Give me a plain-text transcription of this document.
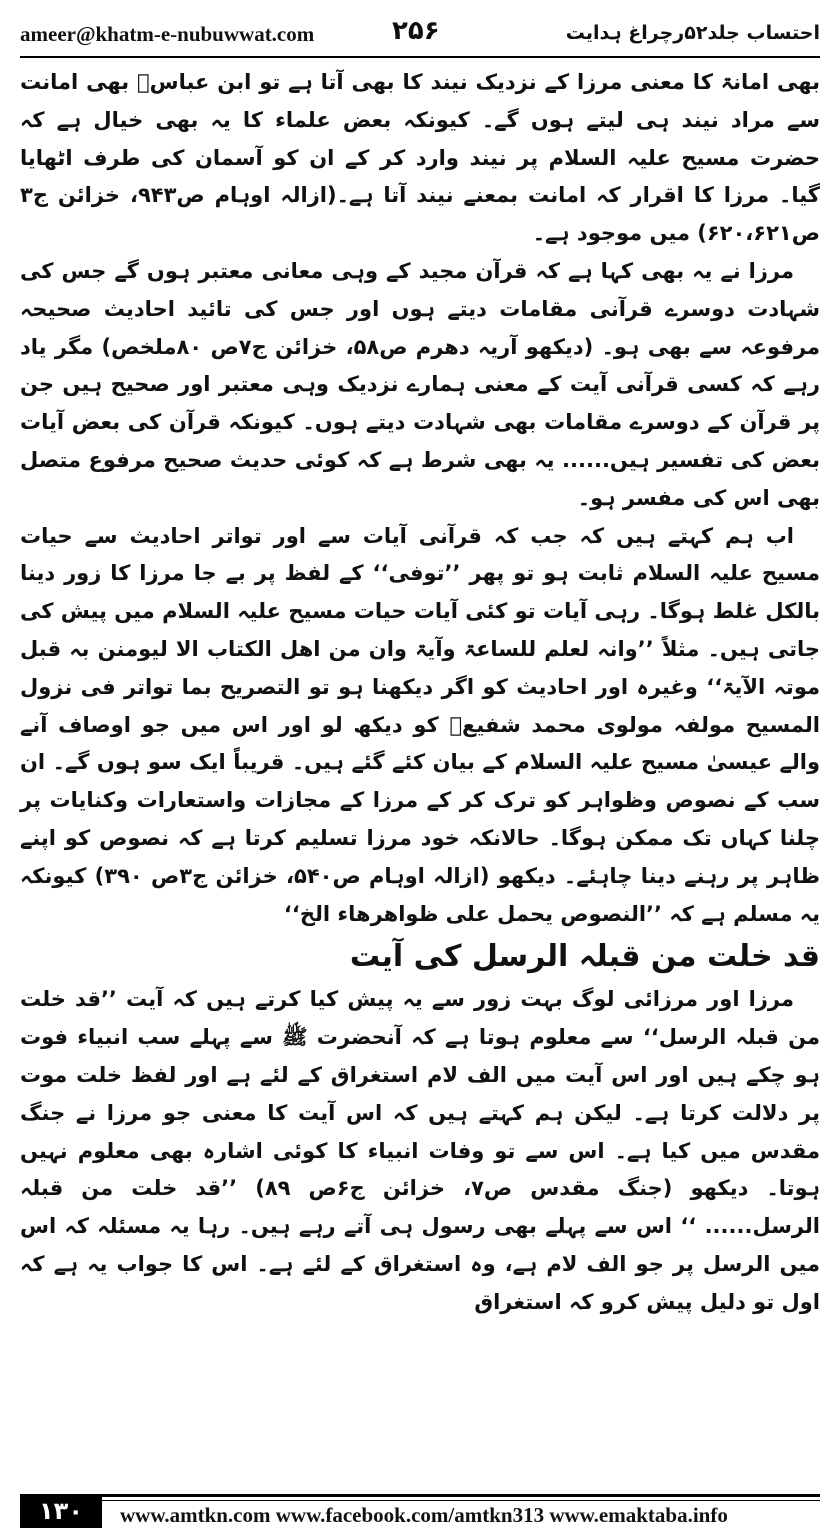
ameer@khatm-e-nubuwwat.com	۲۵۶	احتساب جلد۵۲رچراغ ہدایت

بھی امانۃ کا معنی مرزا کے نزدیک نیند کا بھی آتا ہے تو ابن عباسؓ بھی امانت سے مراد نیند ہی لیتے ہوں گے۔ کیونکہ بعض علماء کا یہ بھی خیال ہے کہ حضرت مسیح علیہ السلام پر نیند وارد کر کے ان کو آسمان کی طرف اٹھایا گیا۔ مرزا کا اقرار کہ امانت بمعنے نیند آتا ہے۔(ازالہ اوہام ص۹۴۳، خزائن ج۳ ص۶۲۰،۶۲۱) میں موجود ہے۔

مرزا نے یہ بھی کہا ہے کہ قرآن مجید کے وہی معانی معتبر ہوں گے جس کی شہادت دوسرے قرآنی مقامات دیتے ہوں اور جس کی تائید احادیث صحیحہ مرفوعہ سے بھی ہو۔ (دیکھو آریہ دھرم ص۵۸، خزائن ج۷ص ۸۰ملخص) مگر یاد رہے کہ کسی قرآنی آیت کے معنی ہمارے نزدیک وہی معتبر اور صحیح ہیں جن پر قرآن کے دوسرے مقامات بھی شہادت دیتے ہوں۔ کیونکہ قرآن کی بعض آیات بعض کی تفسیر ہیں...... یہ بھی شرط ہے کہ کوئی حدیث صحیح مرفوع متصل بھی اس کی مفسر ہو۔

اب ہم کہتے ہیں کہ جب کہ قرآنی آیات سے اور تواتر احادیث سے حیات مسیح علیہ السلام ثابت ہو تو پھر ’’توفی‘‘ کے لفظ پر بے جا مرزا کا زور دینا بالکل غلط ہوگا۔ رہی آیات تو کئی آیات حیات مسیح علیہ السلام میں پیش کی جاتی ہیں۔ مثلاً ’’وانہ لعلم للساعۃ وآیۃ وان من اھل الکتاب الا لیومنن بہ قبل موتہ الآیۃ‘‘ وغیرہ اور احادیث کو اگر دیکھنا ہو تو التصریح بما تواتر فی نزول المسیح مولفہ مولوی محمد شفیعؒ کو دیکھ لو اور اس میں جو اوصاف آنے والے عیسیٰ مسیح علیہ السلام کے بیان کئے گئے ہیں۔ قریباً ایک سو ہوں گے۔ ان سب کے نصوص وظواہر کو ترک کر کے مرزا کے مجازات واستعارات وکنایات پر چلنا کہاں تک ممکن ہوگا۔ حالانکہ خود مرزا تسلیم کرتا ہے کہ نصوص کو اپنے ظاہر پر رہنے دینا چاہئے۔ دیکھو (ازالہ اوہام ص۵۴۰، خزائن ج۳ص ۳۹۰) کیونکہ یہ مسلم ہے کہ ’’النصوص یحمل علی ظواھرھاء الخ‘‘

قد خلت من قبلہ الرسل کی آیت

مرزا اور مرزائی لوگ بہت زور سے یہ پیش کیا کرتے ہیں کہ آیت ’’قد خلت من قبلہ الرسل‘‘ سے معلوم ہوتا ہے کہ آنحضرت ﷺ سے پہلے سب انبیاء فوت ہو چکے ہیں اور اس آیت میں الف لام استغراق کے لئے ہے اور لفظ خلت موت پر دلالت کرتا ہے۔ لیکن ہم کہتے ہیں کہ اس آیت کا معنی جو مرزا نے جنگ مقدس میں کیا ہے۔ اس سے تو وفات انبیاء کا کوئی اشارہ بھی معلوم نہیں ہوتا۔ دیکھو (جنگ مقدس ص۷، خزائن ج۶ص ۸۹) ’’قد خلت من قبلہ الرسل...... ‘‘ اس سے پہلے بھی رسول ہی آتے رہے ہیں۔ رہا یہ مسئلہ کہ اس میں الرسل پر جو الف لام ہے، وہ استغراق کے لئے ہے۔ اس کا جواب یہ ہے کہ اول تو دلیل پیش کرو کہ استغراق

۱۳۰	www.amtkn.com www.facebook.com/amtkn313 www.emaktaba.info
